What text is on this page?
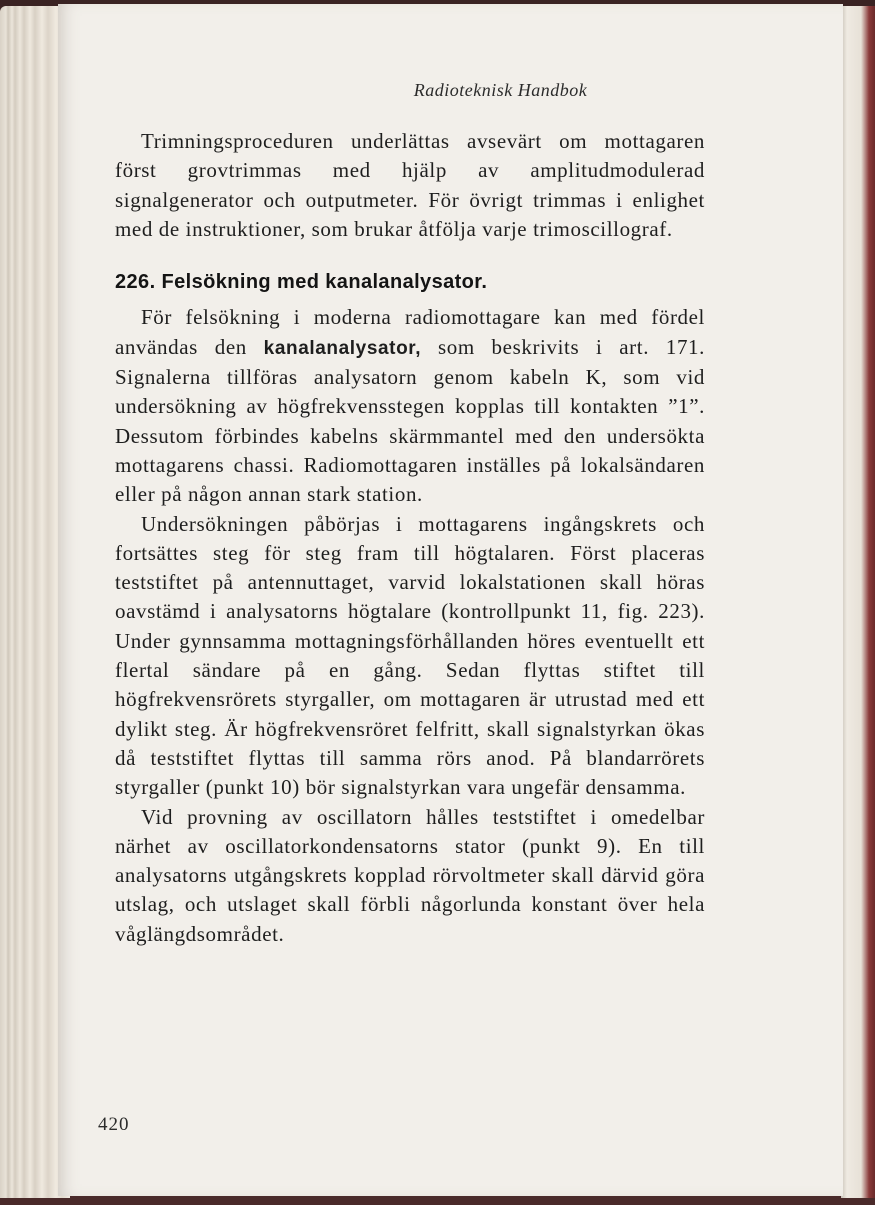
Radioteknisk Handbok

Trimningsproceduren underlättas avsevärt om mottagaren först grovtrimmas med hjälp av amplitudmodulerad signalgenerator och outputmeter. För övrigt trimmas i enlighet med de instruktioner, som brukar åtfölja varje trimoscillograf.

226. Felsökning med kanalanalysator.

För felsökning i moderna radiomottagare kan med fördel användas den kanalanalysator, som beskrivits i art. 171. Signalerna tillföras analysatorn genom kabeln K, som vid undersökning av högfrekvensstegen kopplas till kontakten ”1”. Dessutom förbindes kabelns skärmmantel med den undersökta mottagarens chassi. Radiomottagaren inställes på lokalsändaren eller på någon annan stark station.

Undersökningen påbörjas i mottagarens ingångskrets och fortsättes steg för steg fram till högtalaren. Först placeras teststiftet på antennuttaget, varvid lokalstationen skall höras oavstämd i analysatorns högtalare (kontrollpunkt 11, fig. 223). Under gynnsamma mottagningsförhållanden höres eventuellt ett flertal sändare på en gång. Sedan flyttas stiftet till högfrekvensrörets styrgaller, om mottagaren är utrustad med ett dylikt steg. Är högfrekvensröret felfritt, skall signalstyrkan ökas då teststiftet flyttas till samma rörs anod. På blandarrörets styrgaller (punkt 10) bör signalstyrkan vara ungefär densamma.

Vid provning av oscillatorn hålles teststiftet i omedelbar närhet av oscillatorkondensatorns stator (punkt 9). En till analysatorns utgångskrets kopplad rörvoltmeter skall därvid göra utslag, och utslaget skall förbli någorlunda konstant över hela våglängdsområdet.

420
